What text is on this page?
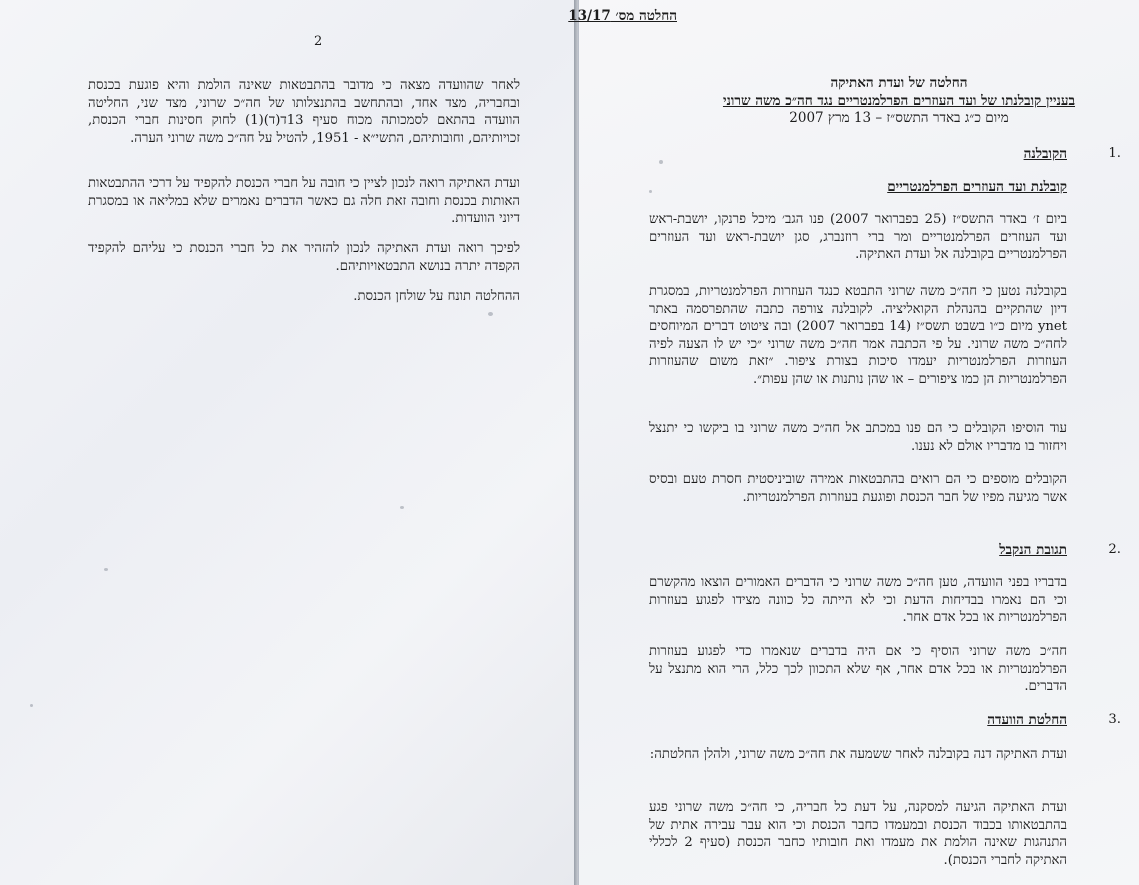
2

לאחר שהוועדה מצאה כי מדובר בהתבטאות שאינה הולמת והיא פוגעת בכנסת ובחבריה, מצד אחד, ובהתחשב בהתנצלותו של חה״כ שרוני, מצד שני, החליטה הוועדה בהתאם לסמכותה מכוח סעיף 13ד(ד)(1) לחוק חסינות חברי הכנסת, זכויותיהם, וחובותיהם, התשי״א - 1951, להטיל על חה״כ משה שרוני הערה.

ועדת האתיקה רואה לנכון לציין כי חובה על חברי הכנסת להקפיד על דרכי ההתבטאות האותות בכנסת וחובה זאת חלה גם כאשר הדברים נאמרים שלא במליאה או במסגרת דיוני הוועדות.

לפיכך רואה ועדת האתיקה לנכון להזהיר את כל חברי הכנסת כי עליהם להקפיד הקפדה יתרה בנושא התבטאויותיהם.

ההחלטה תונח על שולחן הכנסת.

החלטה מס׳ 13/17
החלטה של ועדת האתיקה
בעניין קובלנתו של ועד העוזרים הפרלמנטריים נגד חה״כ משה שרוני
מיום כ״ג באדר התשס״ז – 13 מרץ 2007
1.
הקובלנה
קובלנת ועד העוזרים הפרלמנטריים

ביום ז׳ באדר התשס״ז (25 בפברואר 2007) פנו הגב׳ מיכל פרנקו, יושבת-ראש ועד העוזרים הפרלמנטריים ומר ברי רוזנברג, סגן יושבת-ראש ועד העוזרים הפרלמנטריים בקובלנה אל ועדת האתיקה.

בקובלנה נטען כי חה״כ משה שרוני התבטא כנגד העוזרות הפרלמנטריות, במסגרת דיון שהתקיים בהנהלת הקואליציה. לקובלנה צורפה כתבה שהתפרסמה באתר ynet מיום כ״ו בשבט תשס״ז (14 בפברואר 2007) ובה ציטוט דברים המיוחסים לחה״כ משה שרוני. על פי הכתבה אמר חה״כ משה שרוני ״כי יש לו הצעה לפיה העוזרות הפרלמנטריות יעמדו סיכות בצורת ציפור. ״זאת משום שהעוזרות הפרלמנטריות הן כמו ציפורים – או שהן נותנות או שהן עפות״.

עוד הוסיפו הקובלים כי הם פנו במכתב אל חה״כ משה שרוני בו ביקשו כי יתנצל ויחזור בו מדבריו אולם לא נענו.

הקובלים מוספים כי הם רואים בהתבטאות אמירה שוביניסטית חסרת טעם ובסיס אשר מגיעה מפיו של חבר הכנסת ופוגעת בעוזרות הפרלמנטריות.

2.
תגובת הנקבל

בדבריו בפני הוועדה, טען חה״כ משה שרוני כי הדברים האמורים הוצאו מהקשרם וכי הם נאמרו בבדיחות הדעת וכי לא הייתה כל כוונה מצידו לפגוע בעוזרות הפרלמנטריות או בכל אדם אחר.

חה״כ משה שרוני הוסיף כי אם היה בדברים שנאמרו כדי לפגוע בעוזרות הפרלמנטריות או בכל אדם אחר, אף שלא התכוון לכך כלל, הרי הוא מתנצל על הדברים.

3.
החלטת הוועדה

ועדת האתיקה דנה בקובלנה לאחר ששמעה את חה״כ משה שרוני, ולהלן החלטתה:

ועדת האתיקה הגיעה למסקנה, על דעת כל חבריה, כי חה״כ משה שרוני פגע בהתבטאותו בכבוד הכנסת ובמעמדו כחבר הכנסת וכי הוא עבר עבירה אתית של התנהגות שאינה הולמת את מעמדו ואת חובותיו כחבר הכנסת (סעיף 2 לכללי האתיקה לחברי הכנסת).
